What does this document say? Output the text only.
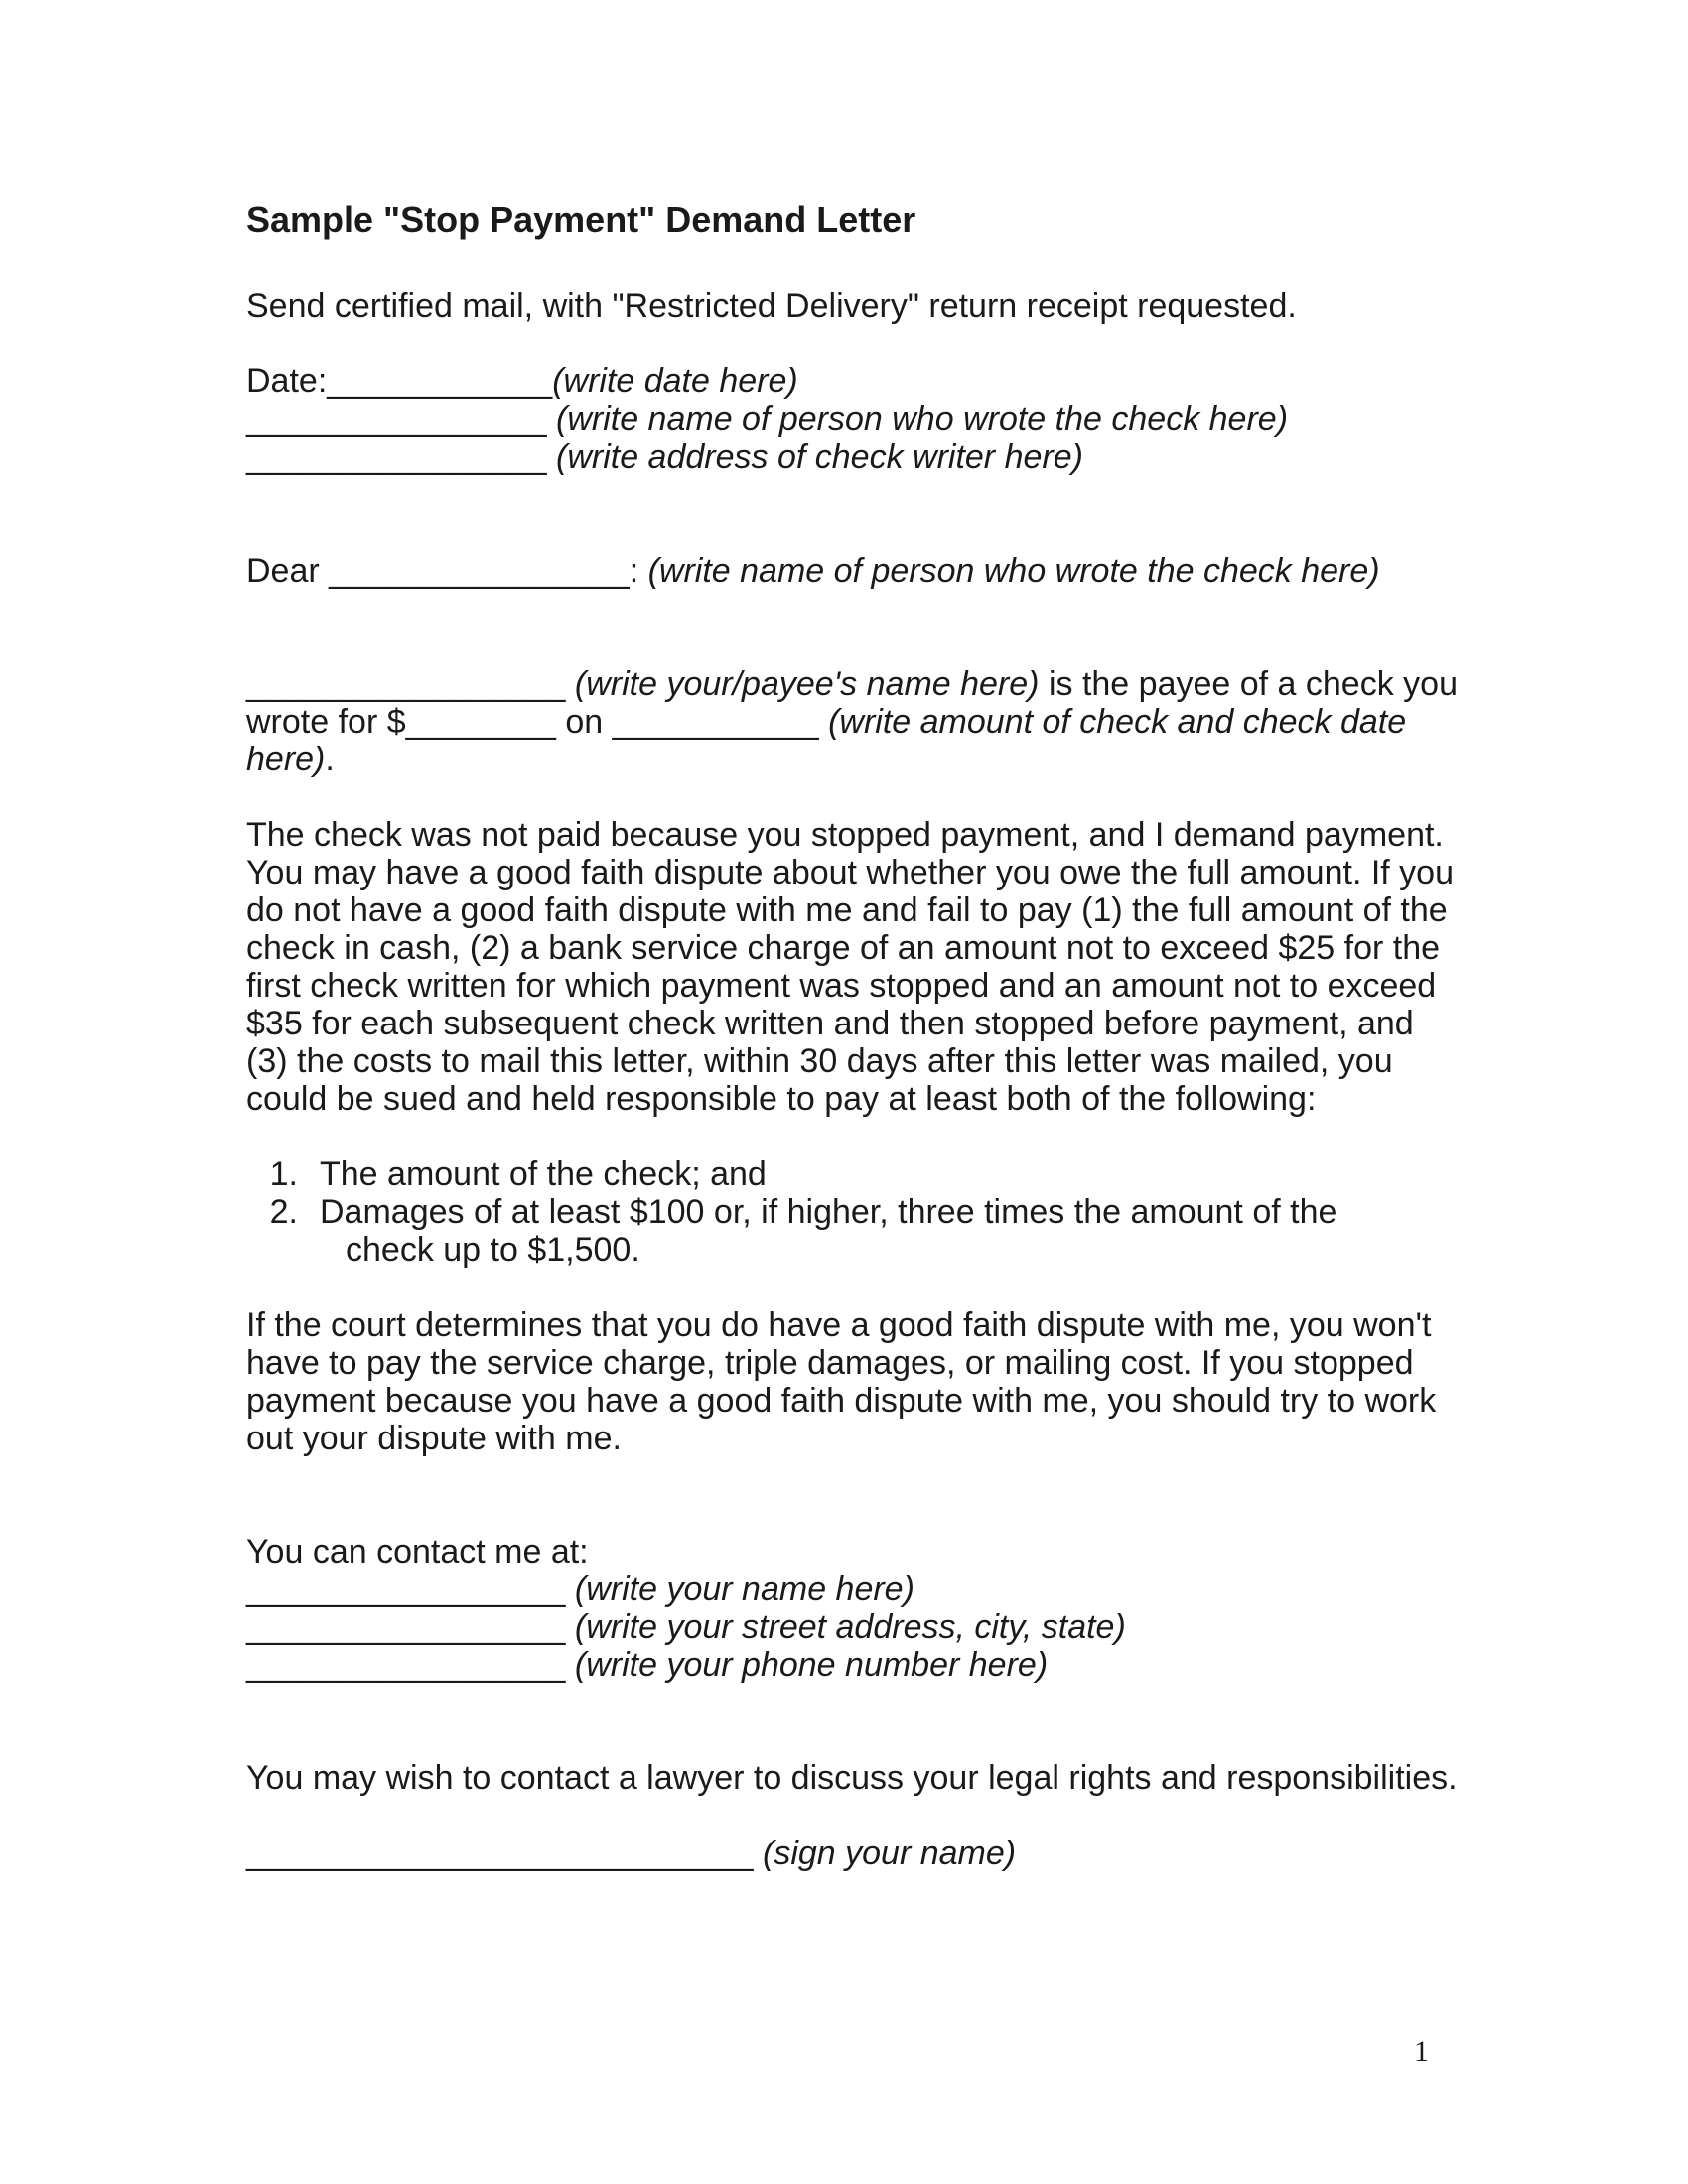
Sample "Stop Payment" Demand Letter

Send certified mail, with "Restricted Delivery" return receipt requested.

Date:____________(write date here)

________________ (write name of person who wrote the check here)

________________ (write address of check writer here)

Dear ________________: (write name of person who wrote the check here)

_________________ (write your/payee's name here) is the payee of a check you

wrote for $________ on ___________ (write amount of check and check date

here).

The check was not paid because you stopped payment, and I demand payment.

You may have a good faith dispute about whether you owe the full amount. If you

do not have a good faith dispute with me and fail to pay (1) the full amount of the

check in cash, (2) a bank service charge of an amount not to exceed $25 for the

first check written for which payment was stopped and an amount not to exceed

$35 for each subsequent check written and then stopped before payment, and

(3) the costs to mail this letter, within 30 days after this letter was mailed, you

could be sued and held responsible to pay at least both of the following:

1. The amount of the check; and

2. Damages of at least $100 or, if higher, three times the amount of the

check up to $1,500.

If the court determines that you do have a good faith dispute with me, you won't

have to pay the service charge, triple damages, or mailing cost. If you stopped

payment because you have a good faith dispute with me, you should try to work

out your dispute with me.

You can contact me at:

_________________ (write your name here)

_________________ (write your street address, city, state)

_________________ (write your phone number here)

You may wish to contact a lawyer to discuss your legal rights and responsibilities.

___________________________ (sign your name)

1
